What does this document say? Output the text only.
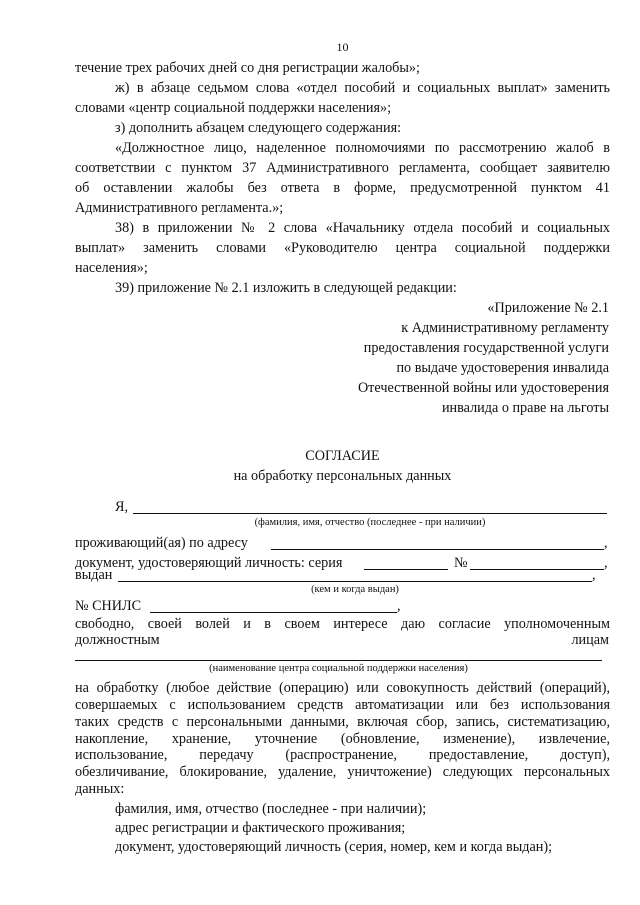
10
течение трех рабочих дней со дня регистрации жалобы»;
ж) в абзаце седьмом слова «отдел пособий и социальных выплат» заменить
словами «центр социальной поддержки населения»;
з) дополнить абзацем следующего содержания:
«Должностное лицо, наделенное полномочиями по рассмотрению жалоб в
соответствии с пунктом 37 Административного регламента, сообщает заявителю
об оставлении жалобы без ответа в форме, предусмотренной пунктом 41
Административного регламента.»;
38) в приложении № 2 слова «Начальнику отдела пособий и социальных
выплат» заменить словами «Руководителю центра социальной поддержки
населения»;
39) приложение № 2.1 изложить в следующей редакции:
«Приложение № 2.1
к Административному регламенту
предоставления государственной услуги
по выдаче удостоверения инвалида
Отечественной войны или удостоверения
инвалида о праве на льготы
СОГЛАСИЕ
на обработку персональных данных
Я,
(фамилия, имя, отчество (последнее - при наличии)
проживающий(ая) по адресу	,
документ, удостоверяющий личность: серия	№	,
выдан	,
(кем и когда выдан)
№ СНИЛС	,
свободно, своей волей и в своем интересе даю согласие уполномоченным
должностным	лицам
(наименование центра социальной поддержки населения)
на обработку (любое действие (операцию) или совокупность действий (операций),
совершаемых с использованием средств автоматизации или без использования
таких средств с персональными данными, включая сбор, запись, систематизацию,
накопление, хранение, уточнение (обновление, изменение), извлечение,
использование, передачу (распространение, предоставление, доступ),
обезличивание, блокирование, удаление, уничтожение) следующих персональных
данных:
фамилия, имя, отчество (последнее - при наличии);
адрес регистрации и фактического проживания;
документ, удостоверяющий личность (серия, номер, кем и когда выдан);
